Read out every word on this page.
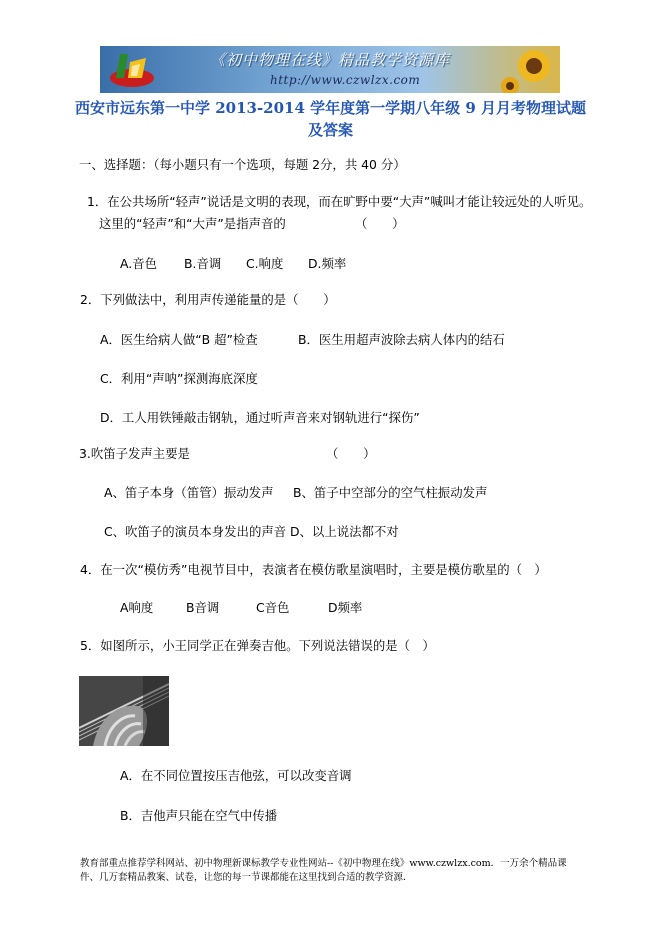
《初中物理在线》精品教学资源库
http://www.czwlzx.com
西安市远东第一中学 2013-2014 学年度第一学期八年级 9 月月考物理试题
及答案
一、选择题：（每小题只有一个选项，每题 2分，共 40 分）
1．在公共场所“轻声”说话是文明的表现，而在旷野中要“大声”喊叫才能让较远处的人听见。
这里的“轻声”和“大声”是指声音的	（　　）
A.音色 B.音调 C.响度 D.频率
2．下列做法中，利用声传递能量的是（　　）
A．医生给病人做“B 超”检查	B．医生用超声波除去病人体内的结石
C．利用“声呐”探测海底深度
D．工人用铁锤敲击钢轨，通过听声音来对钢轨进行“探伤”
3.吹笛子发声主要是	（　　）
A、笛子本身（笛管）振动发声 B、笛子中空部分的空气柱振动发声
C、吹笛子的演员本身发出的声音 D、以上说法都不对
4．在一次“模仿秀”电视节目中，表演者在模仿歌星演唱时，主要是模仿歌星的（　）
A响度	B音调	C音色	D频率
5．如图所示，小王同学正在弹奏吉他。下列说法错误的是（　）
A．在不同位置按压吉他弦，可以改变音调
B．吉他声只能在空气中传播
教育部重点推荐学科网站、初中物理新课标教学专业性网站--《初中物理在线》www.czwlzx.com．一万余个精品课
件、几万套精品教案、试卷，让您的每一节课都能在这里找到合适的教学资源．
